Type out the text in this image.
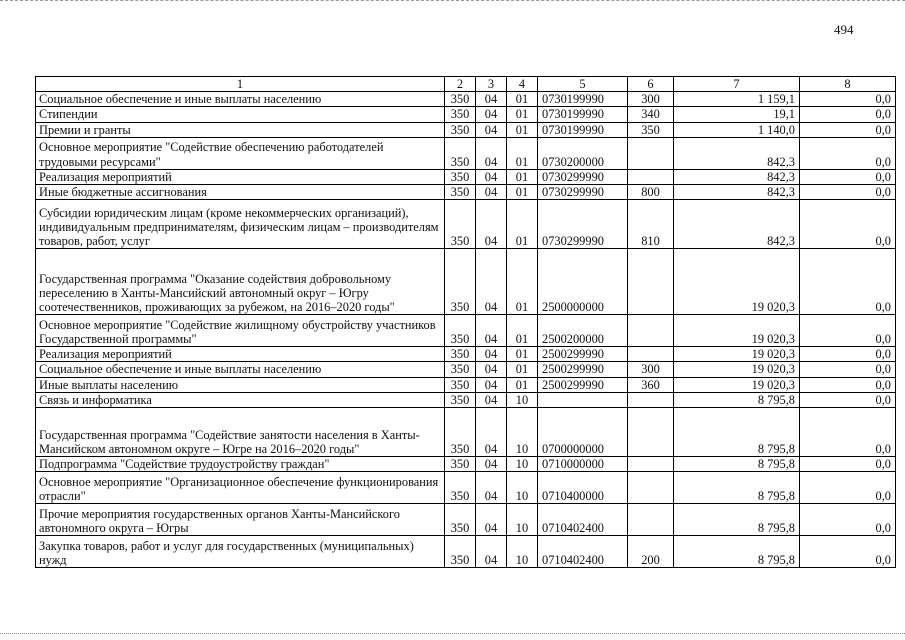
494
1	2	3	4	5	6	7	8
Социальное обеспечение и иные выплаты населению	350	04	01	0730199990	300	1 159,1	0,0
Стипендии	350	04	01	0730199990	340	19,1	0,0
Премии и гранты	350	04	01	0730199990	350	1 140,0	0,0
Основное мероприятие "Содействие обеспечению работодателей трудовыми ресурсами"	350	04	01	0730200000		842,3	0,0
Реализация мероприятий	350	04	01	0730299990		842,3	0,0
Иные бюджетные ассигнования	350	04	01	0730299990	800	842,3	0,0
Субсидии юридическим лицам (кроме некоммерческих организаций), индивидуальным предпринимателям, физическим лицам – производителям товаров, работ, услуг	350	04	01	0730299990	810	842,3	0,0
Государственная программа "Оказание содействия добровольному переселению в Ханты-Мансийский автономный округ – Югру соотечественников, проживающих за рубежом, на 2016–2020 годы"	350	04	01	2500000000		19 020,3	0,0
Основное мероприятие "Содействие жилищному обустройству участников Государственной программы"	350	04	01	2500200000		19 020,3	0,0
Реализация мероприятий	350	04	01	2500299990		19 020,3	0,0
Социальное обеспечение и иные выплаты населению	350	04	01	2500299990	300	19 020,3	0,0
Иные выплаты населению	350	04	01	2500299990	360	19 020,3	0,0
Связь и информатика	350	04	10			8 795,8	0,0
Государственная программа "Содействие занятости населения в Ханты-Мансийском автономном округе – Югре на 2016–2020 годы"	350	04	10	0700000000		8 795,8	0,0
Подпрограмма "Содействие трудоустройству граждан"	350	04	10	0710000000		8 795,8	0,0
Основное мероприятие "Организационное обеспечение функционирования отрасли"	350	04	10	0710400000		8 795,8	0,0
Прочие мероприятия государственных органов Ханты-Мансийского автономного округа – Югры	350	04	10	0710402400		8 795,8	0,0
Закупка товаров, работ и услуг для государственных (муниципальных) нужд	350	04	10	0710402400	200	8 795,8	0,0
